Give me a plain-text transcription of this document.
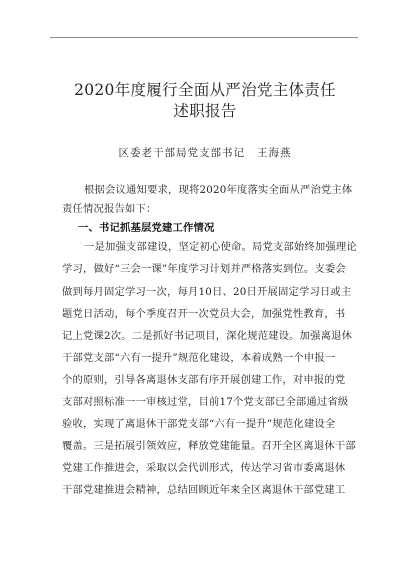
2020年度履行全面从严治党主体责任
述职报告
区委老干部局党支部书记 王海燕
根据会议通知要求，现将2020年度落实全面从严治党主体
责任情况报告如下：
一、书记抓基层党建工作情况
一是加强支部建设，坚定初心使命。局党支部始终加强理论
学习，做好“三会一课”年度学习计划并严格落实到位。支委会
做到每月固定学习一次，每月10日、20日开展固定学习日或主
题党日活动，每个季度召开一次党员大会，加强党性教育，书
记上党课2次。二是抓好书记项目，深化规范建设。加强离退休
干部党支部“六有一提升”规范化建设，本着成熟一个申报一
个的原则，引导各离退休支部有序开展创建工作，对申报的党
支部对照标准一一审核过堂，目前17个党支部已全部通过省级
验收，实现了离退休干部党支部“六有一提升”规范化建设全
覆盖。三是拓展引领效应，释放党建能量。召开全区离退休干部
党建工作推进会，采取以会代训形式，传达学习省市委离退休
干部党建推进会精神，总结回顾近年来全区离退休干部党建工
